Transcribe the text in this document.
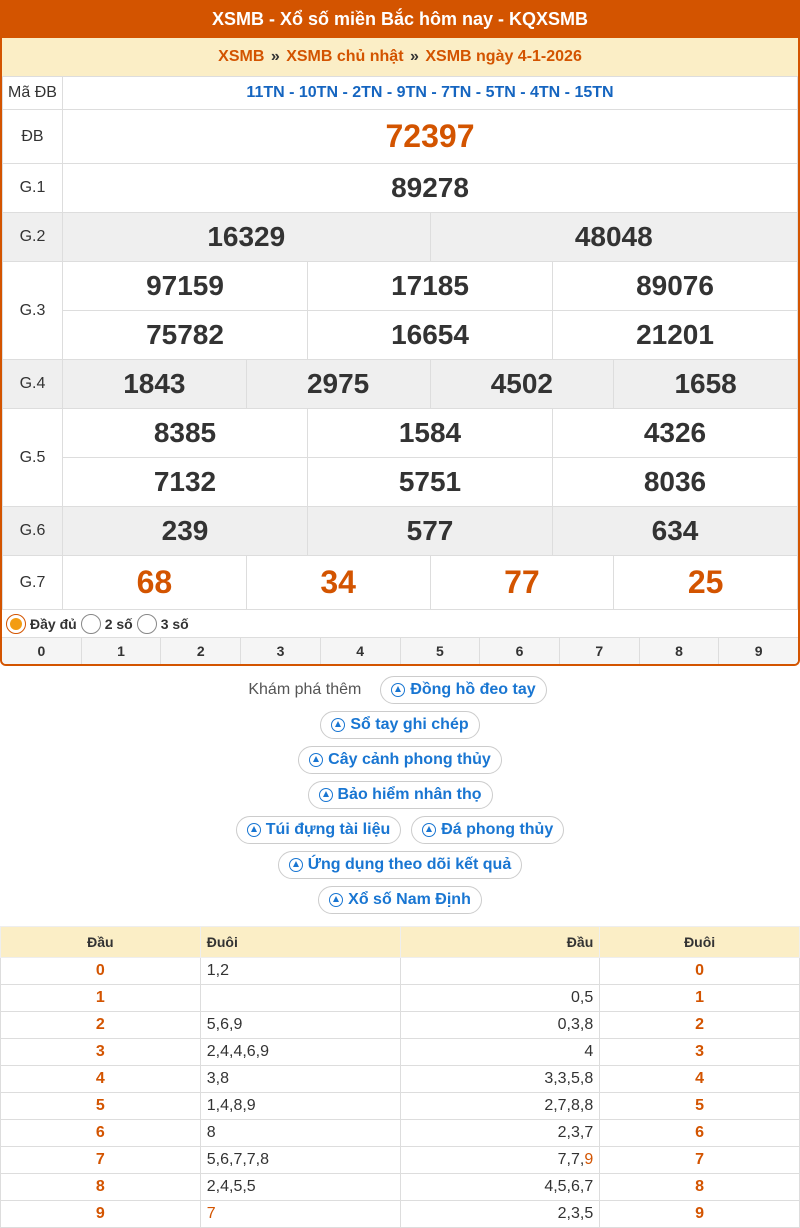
XSMB - Xổ số miền Bắc hôm nay - KQXSMB
XSMB » XSMB chủ nhật » XSMB ngày 4-1-2026
Mã ĐB	11TN - 10TN - 2TN - 9TN - 7TN - 5TN - 4TN - 15TN					
ĐB	72397					
G.1	89278					
G.2	16329			48048		
G.3	97159		17185		89076	
	75782		16654		21201	
G.4	1843	2975		4502		1658
G.5	8385		1584		4326	
	7132		5751		8036	
G.6	239		577		634	
G.7	68	34		77		25
Đầy đủ 2 số 3 số
0	1	2	3	4	5	6	7	8	9
Khám phá thêm	Đồng hồ đeo tay
Sổ tay ghi chép
Cây cảnh phong thủy
Bảo hiểm nhân thọ
Túi đựng tài liệu	Đá phong thủy
Ứng dụng theo dõi kết quả
Xổ số Nam Định
Đầu	Đuôi	Đầu	Đuôi
0	1,2		0
1		0,5	1
2	5,6,9	0,3,8	2
3	2,4,4,6,9	4	3
4	3,8	3,3,5,8	4
5	1,4,8,9	2,7,8,8	5
6	8	2,3,7	6
7	5,6,7,7,8	7,7,9	7
8	2,4,5,5	4,5,6,7	8
9	7	2,3,5	9
